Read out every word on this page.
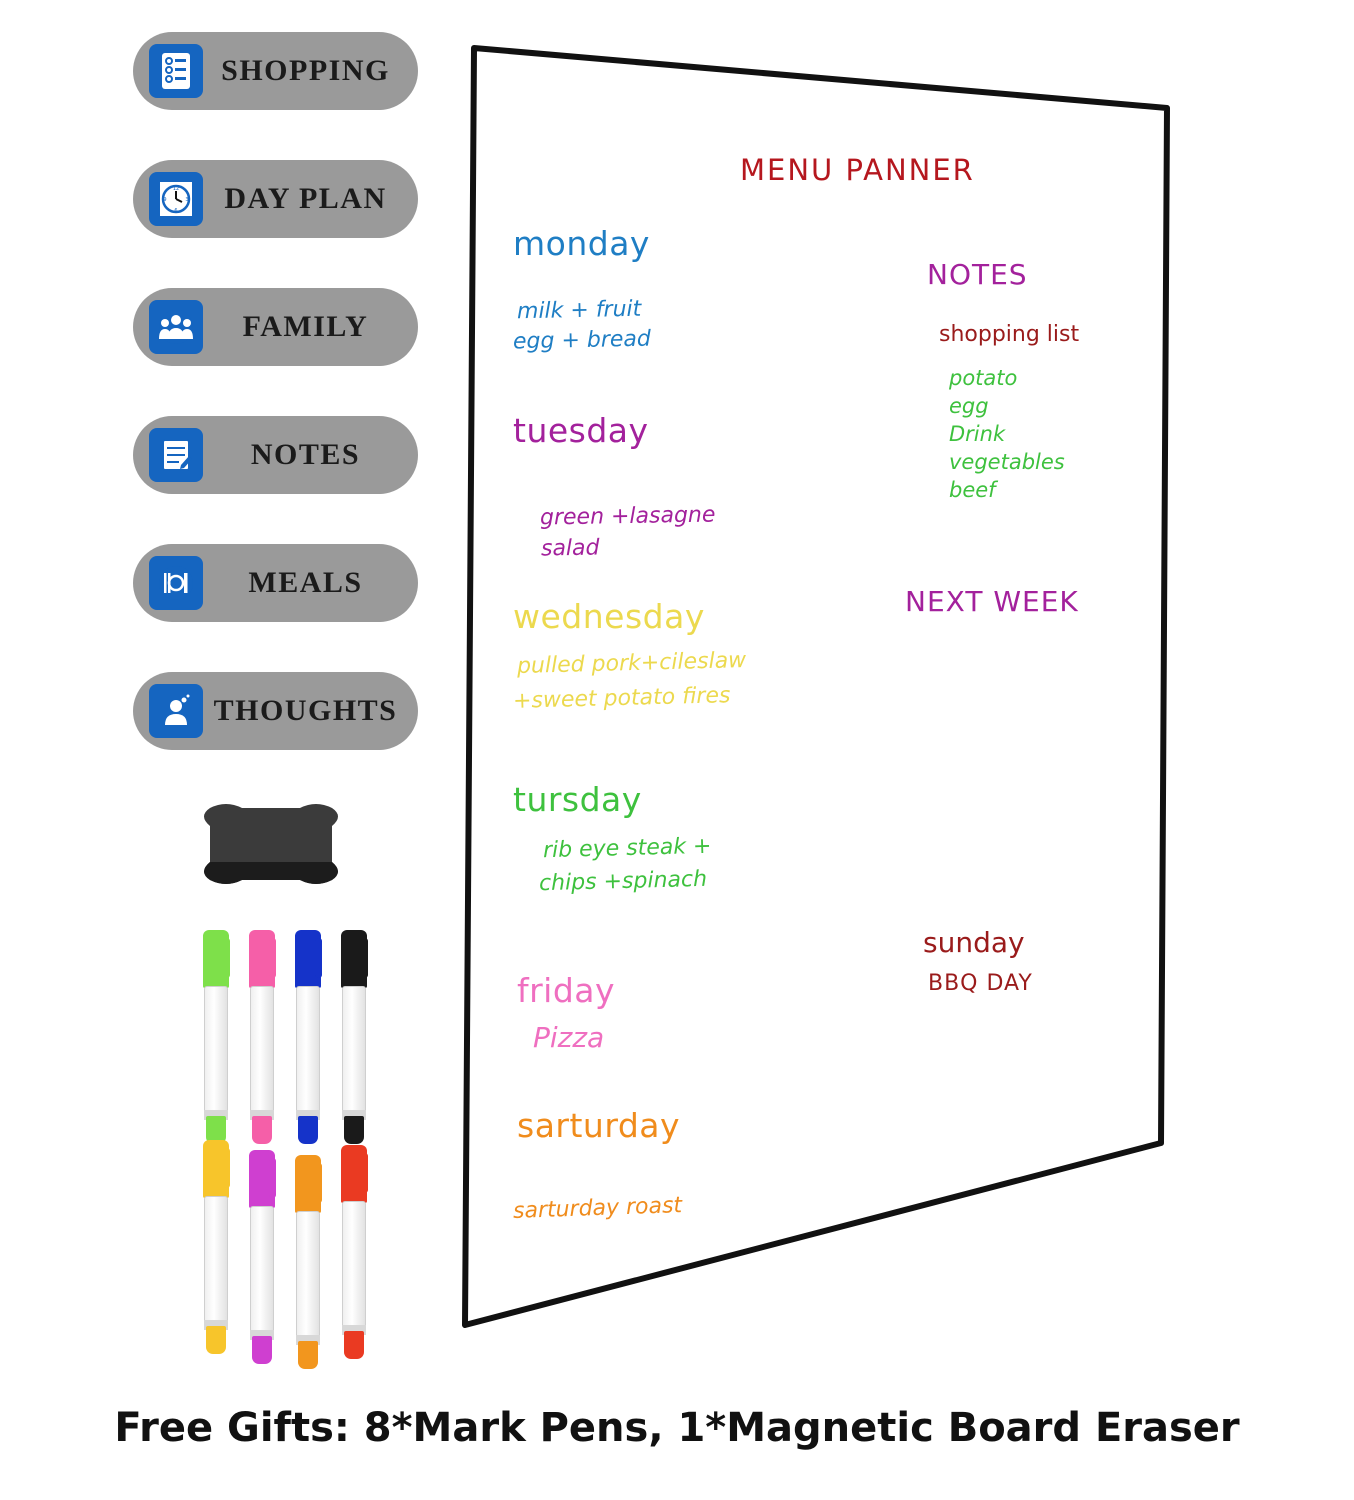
SHOPPING
12
3
6
9	DAY PLAN
FAMILY
NOTES
MEALS
THOUGHTS
MENU PANNER
monday
milk + fruit
egg + bread
tuesday
green +lasagne
salad
wednesday
pulled pork+cileslaw
+sweet potato fires
tursday
rib eye steak +
chips +spinach
friday
Pizza
sarturday
sarturday roast
sunday
BBQ DAY
NOTES
shopping list
potato
egg
Drink
vegetables
beef
NEXT WEEK
Free Gifts: 8*Mark Pens, 1*Magnetic Board Eraser
